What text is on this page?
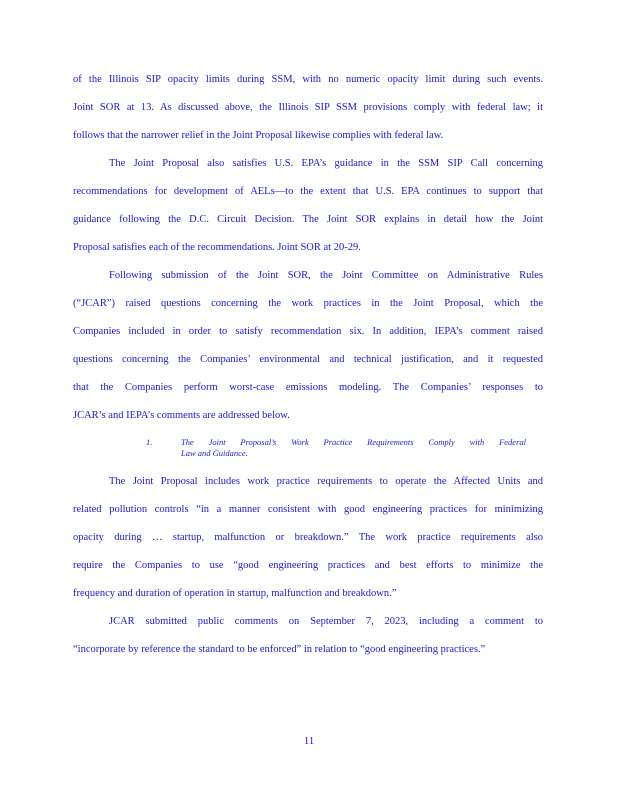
of the Illinois SIP opacity limits during SSM, with no numeric opacity limit during such events.
Joint SOR at 13. As discussed above, the Illinois SIP SSM provisions comply with federal law; it
follows that the narrower relief in the Joint Proposal likewise complies with federal law.
The Joint Proposal also satisfies U.S. EPA’s guidance in the SSM SIP Call concerning
recommendations for development of AELs—to the extent that U.S. EPA continues to support that
guidance following the D.C. Circuit Decision. The Joint SOR explains in detail how the Joint
Proposal satisfies each of the recommendations. Joint SOR at 20-29.
Following submission of the Joint SOR, the Joint Committee on Administrative Rules
(“JCAR”) raised questions concerning the work practices in the Joint Proposal, which the
Companies included in order to satisfy recommendation six. In addition, IEPA’s comment raised
questions concerning the Companies’ environmental and technical justification, and it requested
that the Companies perform worst-case emissions modeling. The Companies’ responses to
JCAR’s and IEPA’s comments are addressed below.
1.	The Joint Proposal’s Work Practice Requirements Comply with Federal
Law and Guidance.
The Joint Proposal includes work practice requirements to operate the Affected Units and
related pollution controls “in a manner consistent with good engineering practices for minimizing
opacity during … startup, malfunction or breakdown.” The work practice requirements also
require the Companies to use “good engineering practices and best efforts to minimize the
frequency and duration of operation in startup, malfunction and breakdown.”
JCAR submitted public comments on September 7, 2023, including a comment to
“incorporate by reference the standard to be enforced” in relation to “good engineering practices.”
11
